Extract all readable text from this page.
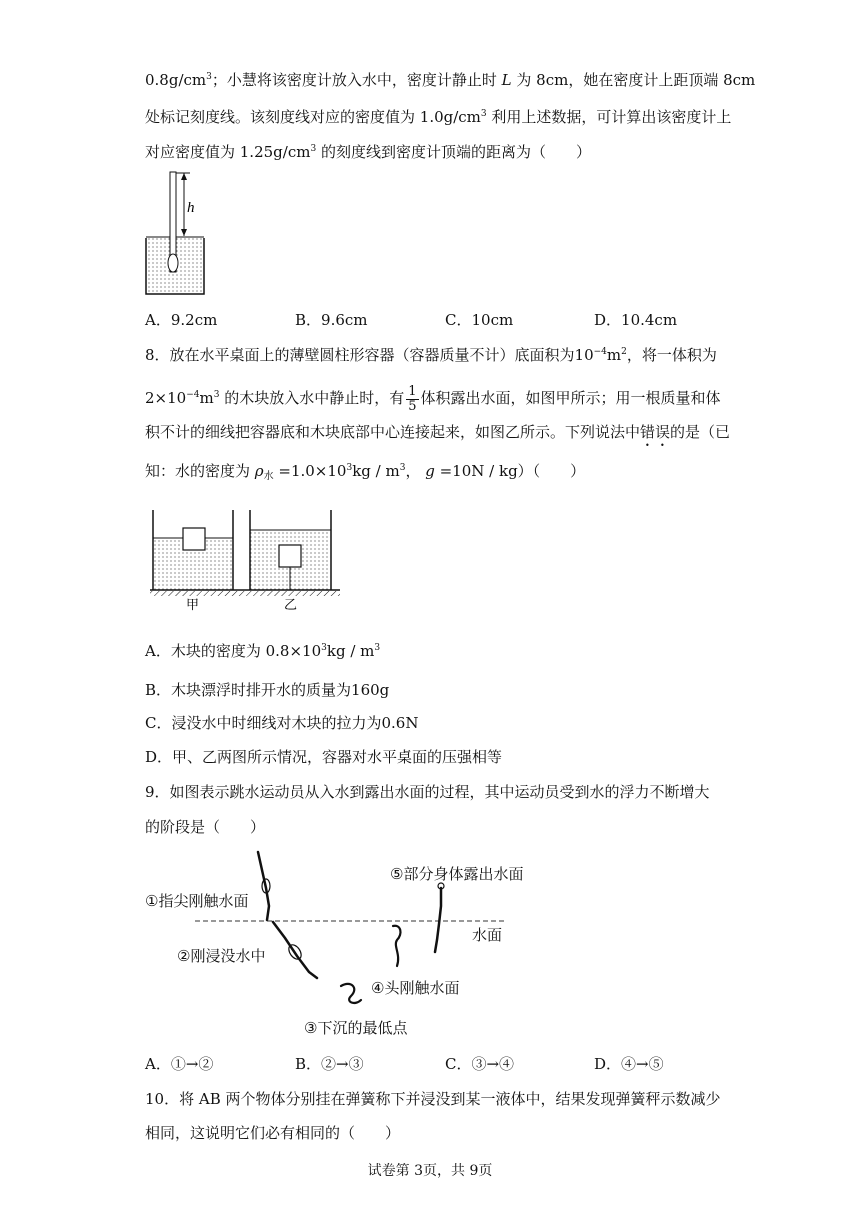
$0.8g/cm^3$；小慧将该密度计放入水中，密度计静止时 L 为 8cm，她在密度计上距顶端 8cm
处标记刻度线。该刻度线对应的密度值为 $1.0g/cm^3$ 利用上述数据，可计算出该密度计上
对应密度值为 $1.25g/cm^3$ 的刻度线到密度计顶端的距离为（　　）
h
A．9.2cm	B．9.6cm	C．10cm	D．10.4cm
8．放在水平桌面上的薄壁圆柱形容器（容器质量不计）底面积为$10^{-4}m^2$，将一体积为
$2\times 10^{-4}m^3$ 的木块放入水中静止时，有 $\frac{1}{5}$ 体积露出水面，如图甲所示；用一根质量和体
积不计的细线把容器底和木块底部中心连接起来，如图乙所示。下列说法中错误的是（已
知：水的密度为 $\rho_水 =1.0\times 10^3kg / m^3$， g =10N / kg）（　　）
甲	乙
A．木块的密度为 $0.8\times 10^3kg / m^3$
B．木块漂浮时排开水的质量为160g
C．浸没水中时细线对木块的拉力为0.6N
D．甲、乙两图所示情况，容器对水平桌面的压强相等
9．如图表示跳水运动员从入水到露出水面的过程，其中运动员受到水的浮力不断增大
的阶段是（　　）
①指尖刚触水面
②刚浸没水中
③下沉的最低点
④头刚触水面
⑤部分身体露出水面
水面
A．①→②	B．②→③	C．③→④	D．④→⑤
10．将 AB 两个物体分别挂在弹簧称下并浸没到某一液体中，结果发现弹簧秤示数减少
相同，这说明它们必有相同的（　　）
试卷第 3页，共 9页
